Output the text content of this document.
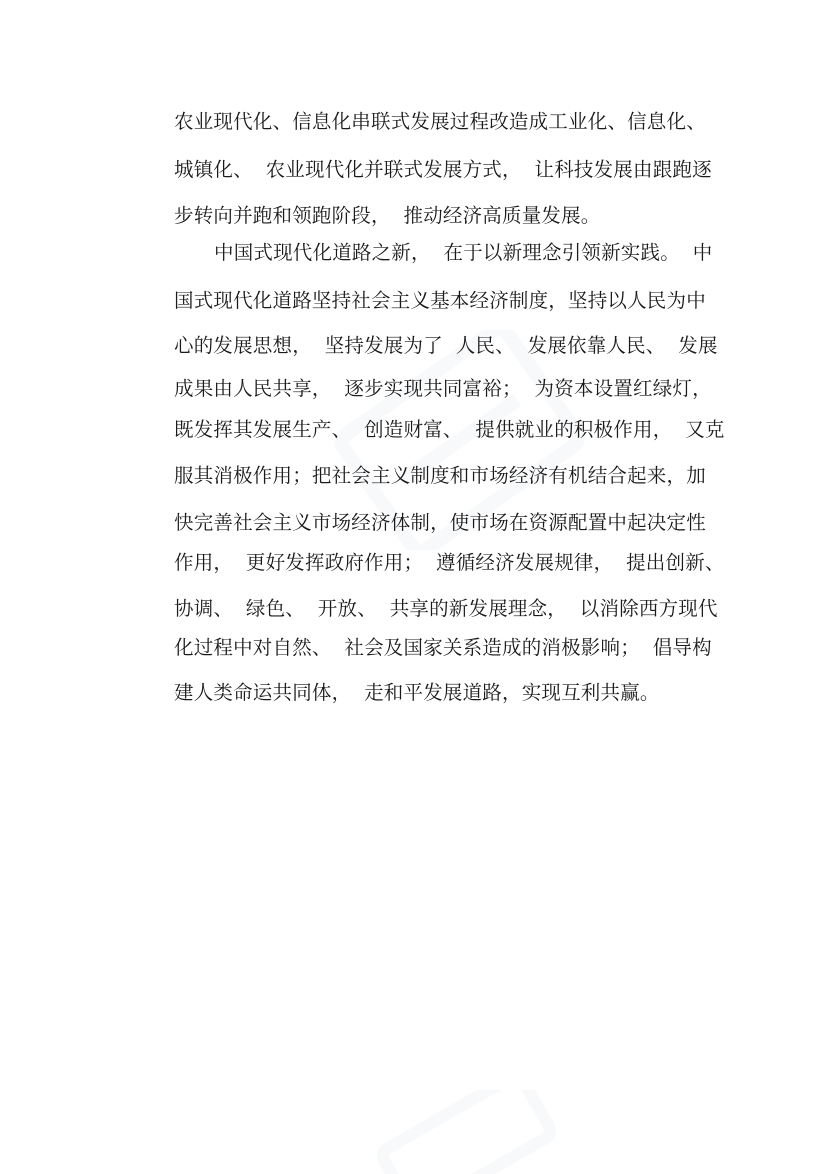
农业现代化、信息化串联式发展过程改造成工业化、信息化、
城镇化、  农业现代化并联式发展方式，  让科技发展由跟跑逐
步转向并跑和领跑阶段，  推动经济高质量发展。
中国式现代化道路之新，  在于以新理念引领新实践。  中
国式现代化道路坚持社会主义基本经济制度，坚持以人民为中
心的发展思想，  坚持发展为了  人民、  发展依靠人民、  发展
成果由人民共享，  逐步实现共同富裕；  为资本设置红绿灯，
既发挥其发展生产、  创造财富、  提供就业的积极作用，  又克
服其消极作用；把社会主义制度和市场经济有机结合起来，加
快完善社会主义市场经济体制，使市场在资源配置中起决定性
作用，  更好发挥政府作用；  遵循经济发展规律，  提出创新、
协调、  绿色、  开放、  共享的新发展理念，  以消除西方现代
化过程中对自然、  社会及国家关系造成的消极影响；  倡导构
建人类命运共同体，  走和平发展道路，实现互利共赢。
